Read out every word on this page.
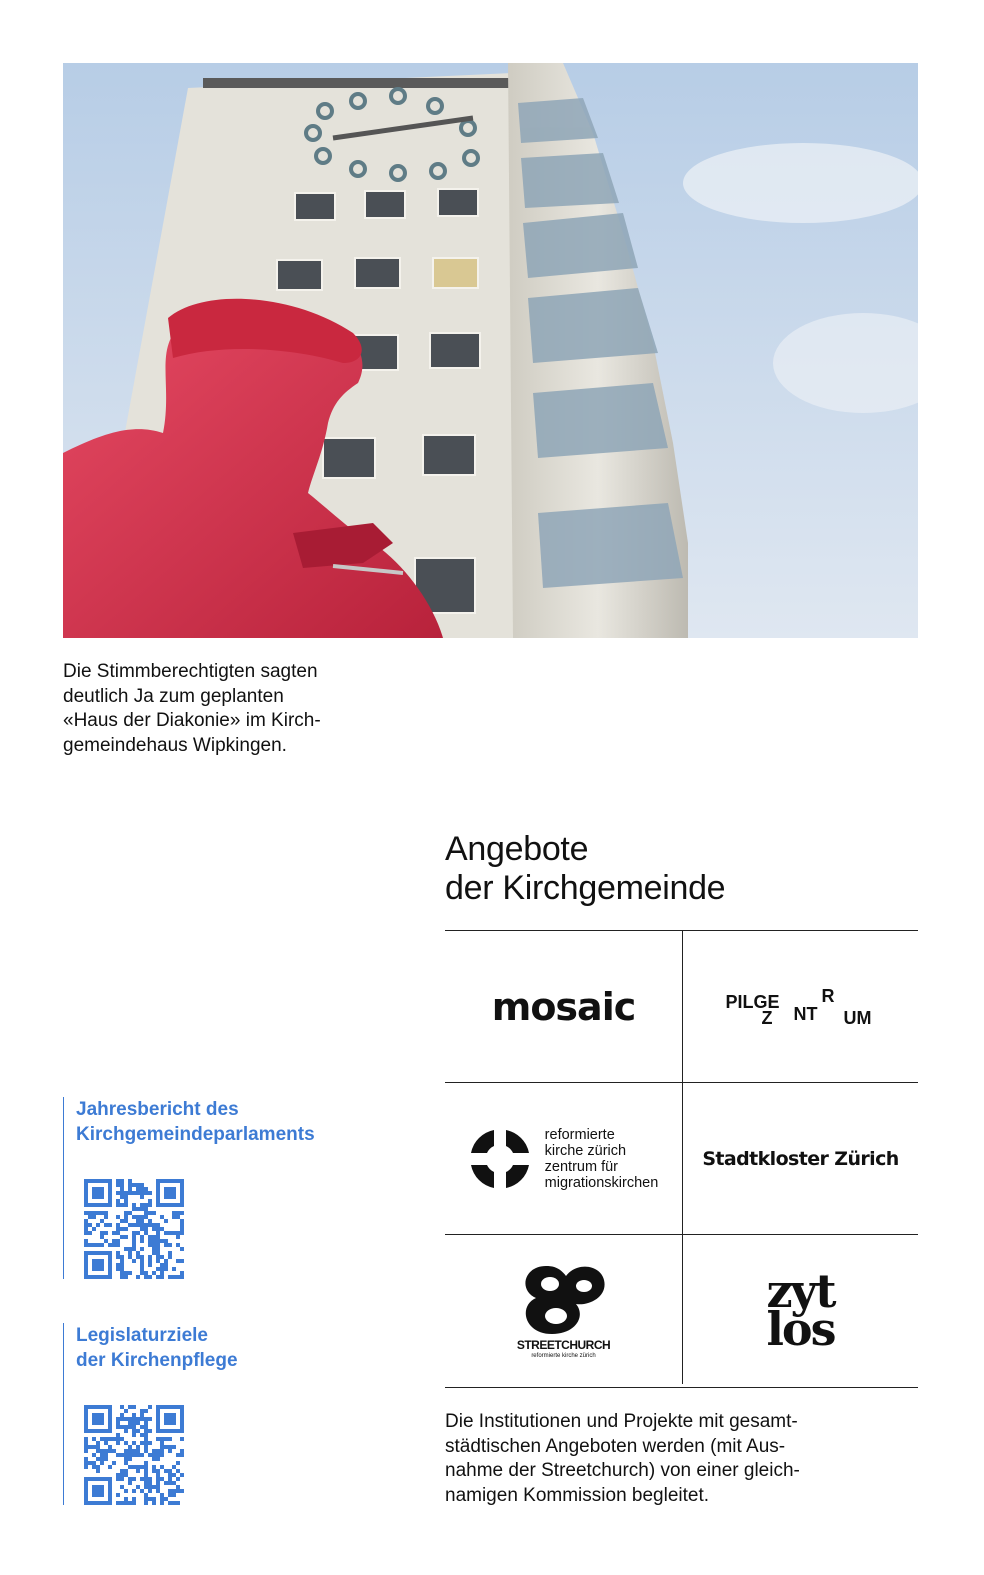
Die Stimmberechtigten sagten
deutlich Ja zum geplanten
«Haus der Diakonie» im Kirch-
gemeindehaus Wipkingen.
Angebote
der Kirchgemeinde
mosaic	PILGE R
Z NT UM
reformierte
kirche zürich
zentrum für
migrationskirchen
Stadtkloster Zürich
STREETCHURCH
reformierte kirche zürich
zyt
los
Die Institutionen und Projekte mit gesamt-
städtischen Angeboten werden (mit Aus-
nahme der Streetchurch) von einer gleich-
namigen Kommission begleitet.
Jahresbericht des
Kirchgemeindeparlaments
Legislaturziele
der Kirchenpflege
